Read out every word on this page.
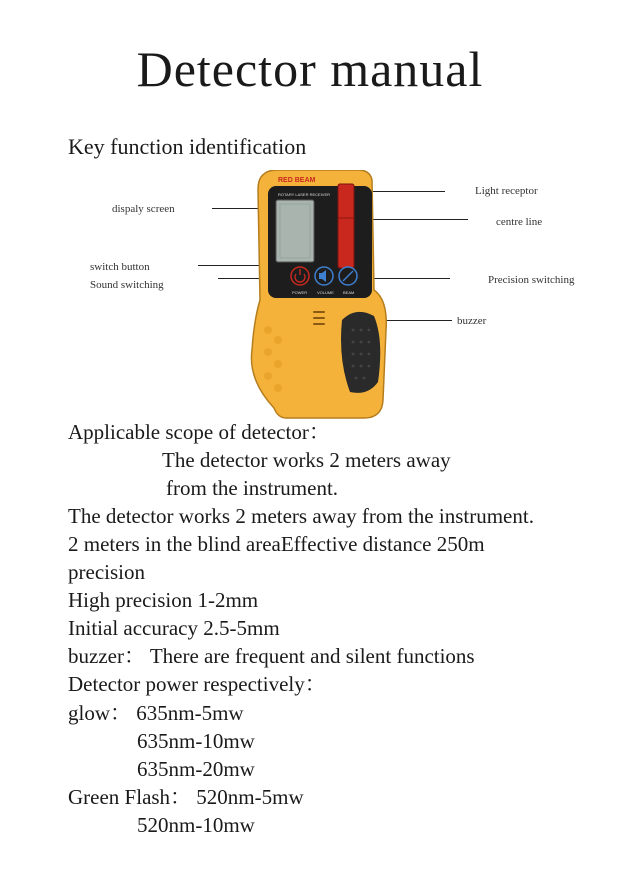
Detector manual
Key function identification
dispaly screen
Light receptor
centre line
switch button
Sound switching	Precision switching
buzzer
RED BEAM
ROTARY LASER RECEIVER
POWER VOLUME BEAM
Applicable scope of detector：
The detector works 2 meters away
from the instrument.
The detector works 2 meters away from the instrument.
2 meters in the blind areaEffective distance 250m
precision
High precision 1-2mm
Initial accuracy 2.5-5mm
buzzer： There are frequent and silent functions
Detector power respectively：
glow： 635nm-5mw
635nm-10mw
635nm-20mw
Green Flash： 520nm-5mw
520nm-10mw
